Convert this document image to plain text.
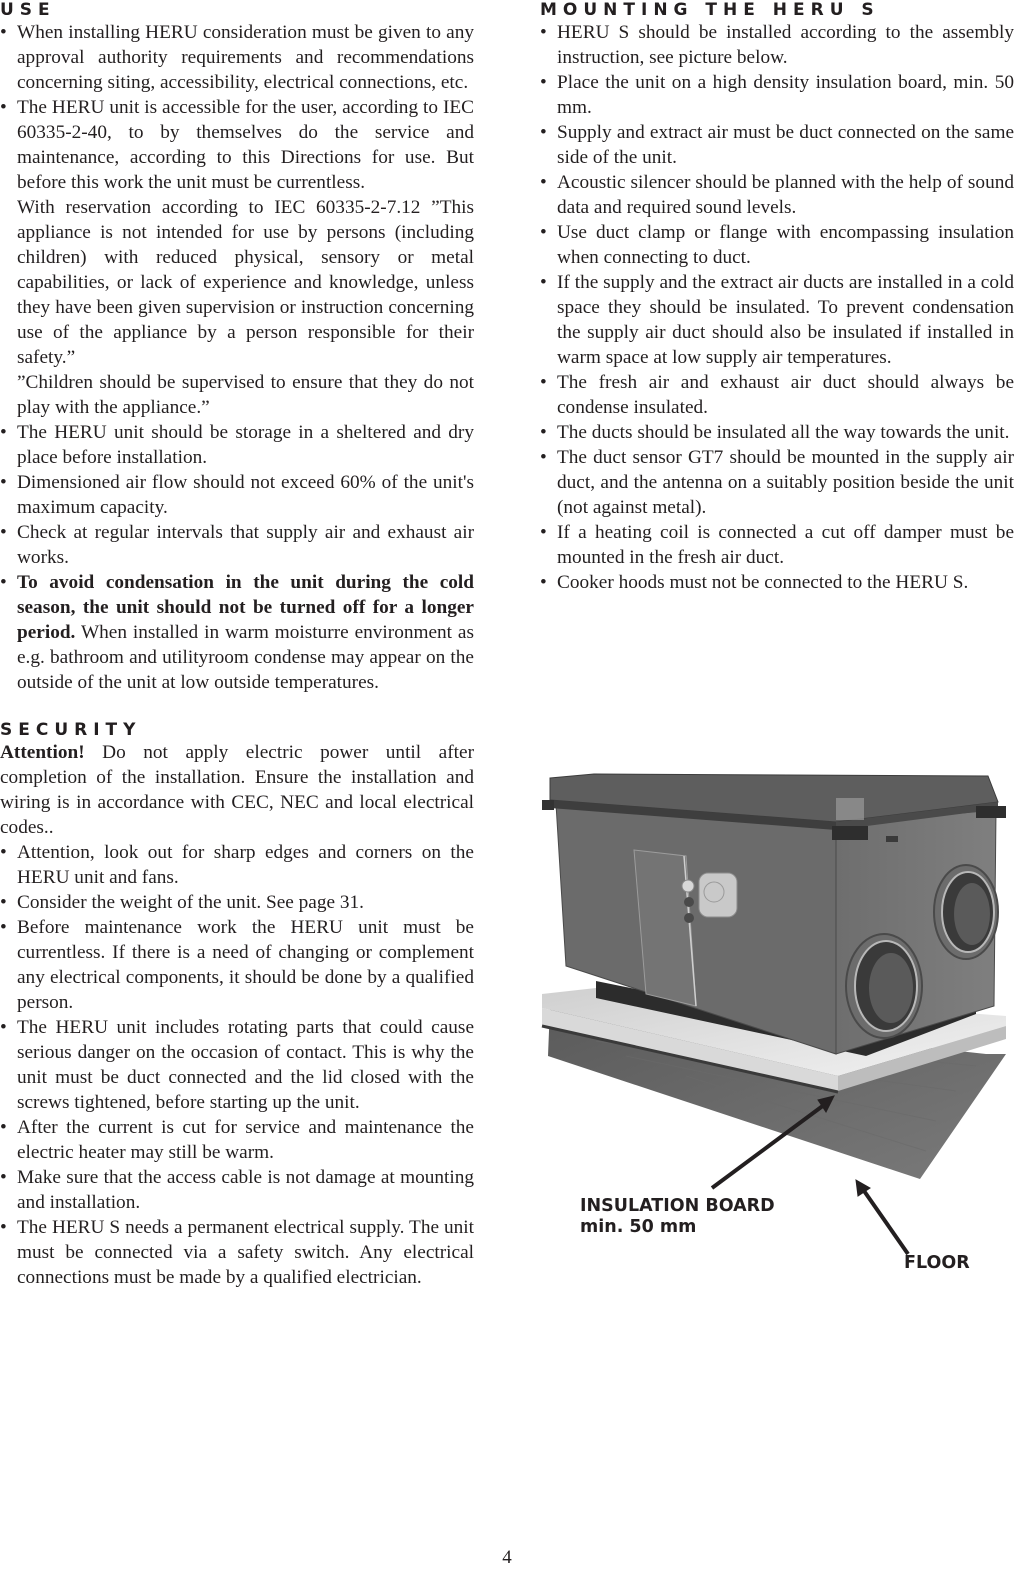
USE
• When installing HERU consideration must be given to any approval authority requirements and recommendations concerning siting, accessibility, electrical connections, etc.
• The HERU unit is accessible for the user, according to IEC 60335-2-40, to by themselves do the service and maintenance, according to this Directions for use. But before this work the unit must be currentless.

With reservation according to IEC 60335-2-7.12 ”This appliance is not intended for use by persons (including children) with reduced physical, sensory or metal capabilities, or lack of experience and knowledge, unless they have been given supervision or instruction concerning use of the appliance by a person responsible for their safety.”

”Children should be supervised to ensure that they do not play with the appliance.”

• The HERU unit should be storage in a sheltered and dry place before installation.
• Dimensioned air flow should not exceed 60% of the unit's maximum capacity.
• Check at regular intervals that supply air and exhaust air works.
• To avoid condensation in the unit during the cold season, the unit should not be turned off for a longer period. When installed in warm moisturre environment as e.g. bathroom and utilityroom condense may appear on the outside of the unit at low outside temperatures.
SECURITY

Attention! Do not apply electric power until after completion of the installation. Ensure the installation and wiring is in accordance with CEC, NEC and local electrical codes..

• Attention, look out for sharp edges and corners on the HERU unit and fans.
• Consider the weight of the unit. See page 31.
• Before maintenance work the HERU unit must be currentless. If there is a need of changing or complement any electrical components, it should be done by a qualified person.
• The HERU unit includes rotating parts that could cause serious danger on the occasion of contact. This is why the unit must be duct connected and the lid closed with the screws tightened, before starting up the unit.
• After the current is cut for service and maintenance the electric heater may still be warm.
• Make sure that the access cable is not damage at mounting and installation.
• The HERU S needs a permanent electrical supply. The unit must be connected via a safety switch. Any electrical connections must be made by a qualified electrician.
MOUNTING THE HERU S
• HERU S should be installed according to the assembly instruction, see picture below.
• Place the unit on a high density insulation board, min. 50 mm.
• Supply and extract air must be duct connected on the same side of the unit.
• Acoustic silencer should be planned with the help of sound data and required sound levels.
• Use duct clamp or flange with encompassing insulation when connecting to duct.
• If the supply and the extract air ducts are installed in a cold space they should be insulated. To prevent condensation the supply air duct should also be insulated if installed in warm space at low supply air temperatures.
• The fresh air and exhaust air duct should always be condense insulated.
• The ducts should be insulated all the way towards the unit.
• The duct sensor GT7 should be mounted in the supply air duct, and the antenna on a suitably position beside the unit (not against metal).
• If a heating coil is connected a cut off damper must be mounted in the fresh air duct.
• Cooker hoods must not be connected to the HERU S.
INSULATION BOARD
min. 50 mm
FLOOR
4
